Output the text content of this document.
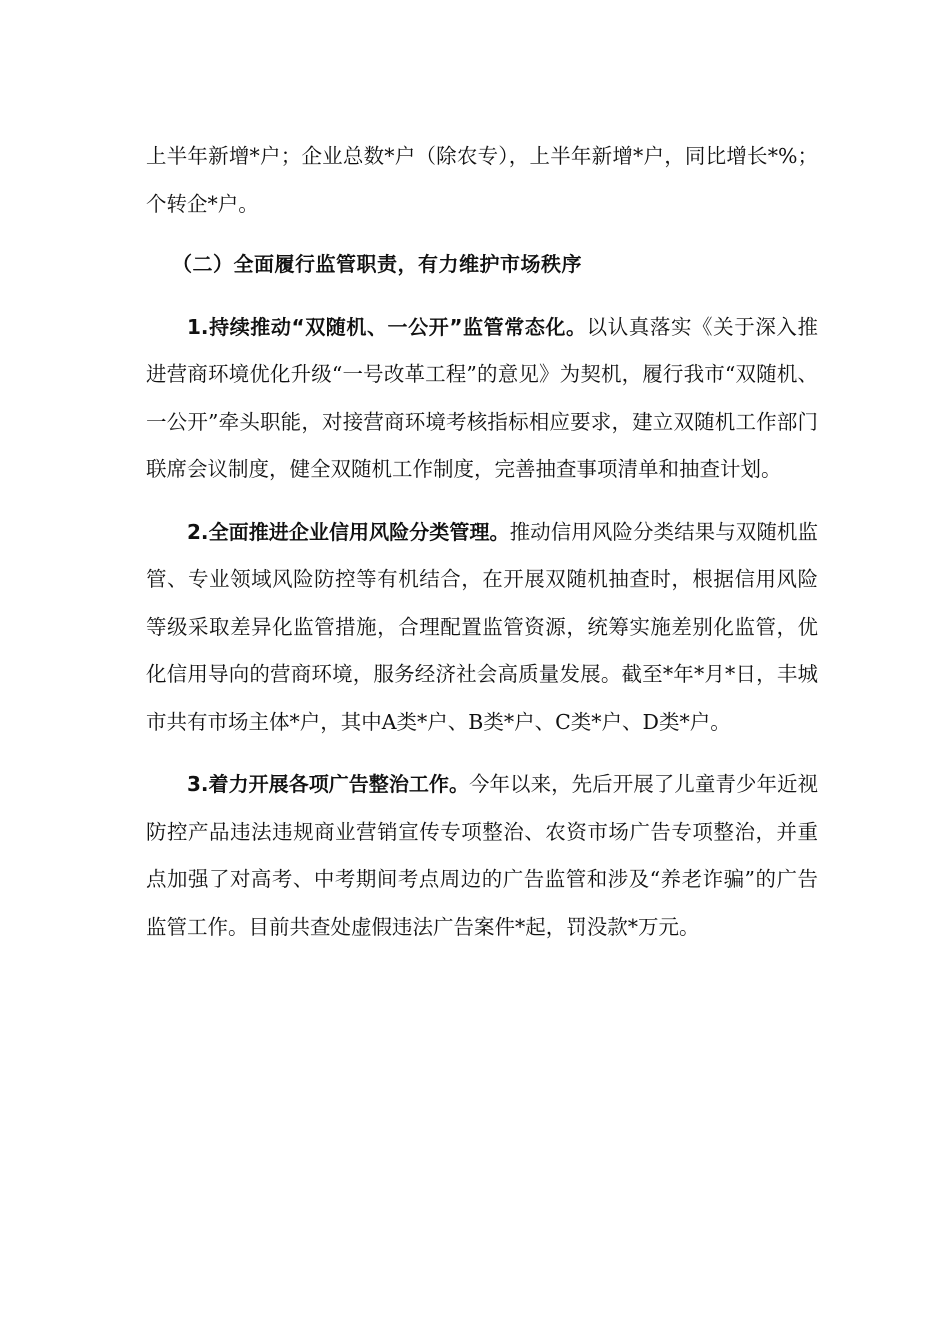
上半年新增*户；企业总数*户（除农专），上半年新增*户，同比增长*%；个转企*户。

（二）全面履行监管职责，有力维护市场秩序

1.持续推动“双随机、一公开”监管常态化。以认真落实《关于深入推进营商环境优化升级“一号改革工程”的意见》为契机，履行我市“双随机、一公开”牵头职能，对接营商环境考核指标相应要求，建立双随机工作部门联席会议制度，健全双随机工作制度，完善抽查事项清单和抽查计划。

2.全面推进企业信用风险分类管理。推动信用风险分类结果与双随机监管、专业领域风险防控等有机结合，在开展双随机抽查时，根据信用风险等级采取差异化监管措施，合理配置监管资源，统筹实施差别化监管，优化信用导向的营商环境，服务经济社会高质量发展。截至*年*月*日，丰城市共有市场主体*户，其中A类*户、B类*户、C类*户、D类*户。

3.着力开展各项广告整治工作。今年以来，先后开展了儿童青少年近视防控产品违法违规商业营销宣传专项整治、农资市场广告专项整治，并重点加强了对高考、中考期间考点周边的广告监管和涉及“养老诈骗”的广告监管工作。目前共查处虚假违法广告案件*起，罚没款*万元。
